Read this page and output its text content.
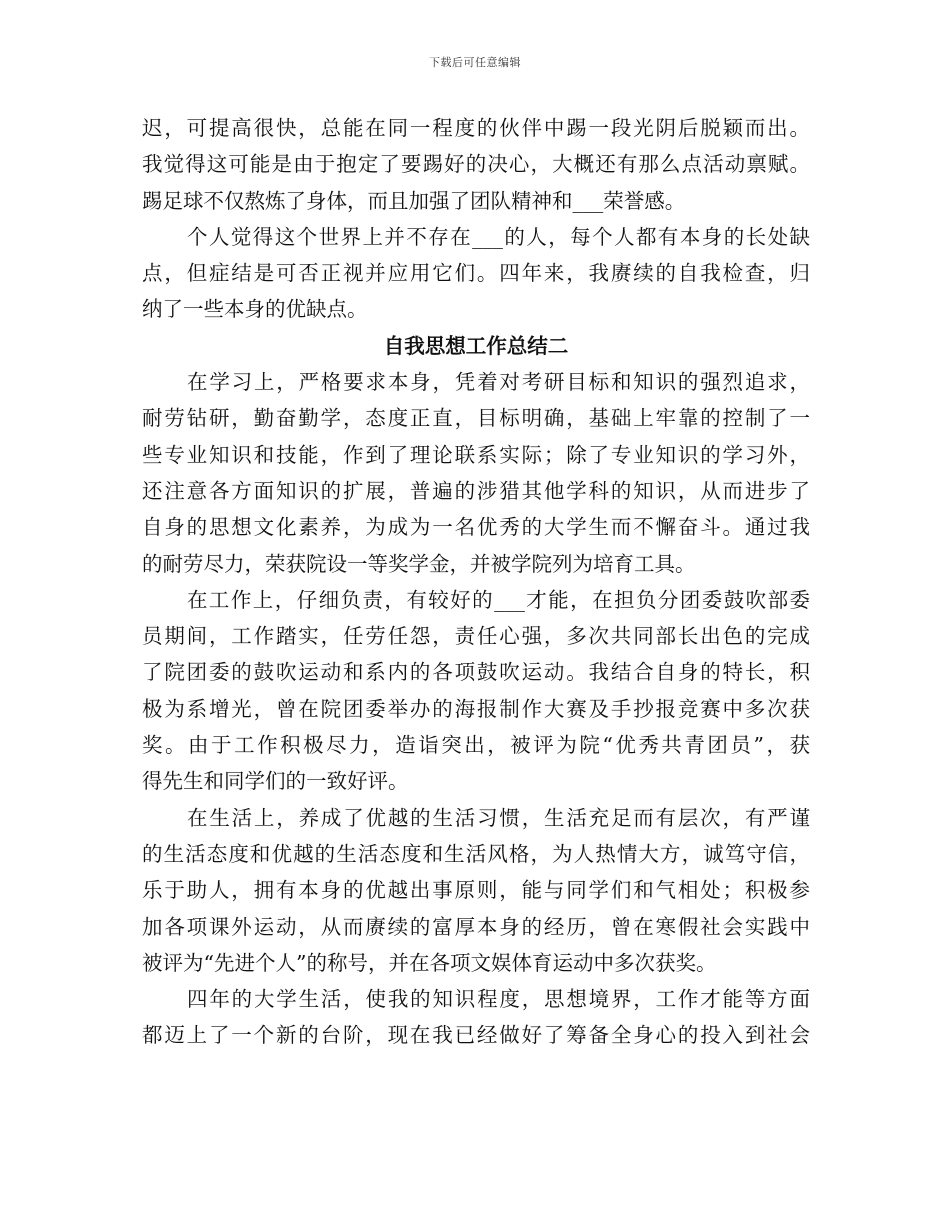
下载后可任意编辑
迟，可提高很快，总能在同一程度的伙伴中踢一段光阴后脱颖而出。
我觉得这可能是由于抱定了要踢好的决心，大概还有那么点活动禀赋。
踢足球不仅熬炼了身体，而且加强了团队精神和___荣誉感。
个人觉得这个世界上并不存在___的人，每个人都有本身的长处缺
点，但症结是可否正视并应用它们。四年来，我赓续的自我检查，归
纳了一些本身的优缺点。
自我思想工作总结二
在学习上，严格要求本身，凭着对考研目标和知识的强烈追求，
耐劳钻研，勤奋勤学，态度正直，目标明确，基础上牢靠的控制了一
些专业知识和技能，作到了理论联系实际；除了专业知识的学习外，
还注意各方面知识的扩展，普遍的涉猎其他学科的知识，从而进步了
自身的思想文化素养，为成为一名优秀的大学生而不懈奋斗。通过我
的耐劳尽力，荣获院设一等奖学金，并被学院列为培育工具。
在工作上，仔细负责，有较好的___才能，在担负分团委鼓吹部委
员期间，工作踏实，任劳任怨，责任心强，多次共同部长出色的完成
了院团委的鼓吹运动和系内的各项鼓吹运动。我结合自身的特长，积
极为系增光，曾在院团委举办的海报制作大赛及手抄报竞赛中多次获
奖。由于工作积极尽力，造诣突出，被评为院“优秀共青团员”，获
得先生和同学们的一致好评。
在生活上，养成了优越的生活习惯，生活充足而有层次，有严谨
的生活态度和优越的生活态度和生活风格，为人热情大方，诚笃守信，
乐于助人，拥有本身的优越出事原则，能与同学们和气相处；积极参
加各项课外运动，从而赓续的富厚本身的经历，曾在寒假社会实践中
被评为“先进个人”的称号，并在各项文娱体育运动中多次获奖。
四年的大学生活，使我的知识程度，思想境界，工作才能等方面
都迈上了一个新的台阶，现在我已经做好了筹备全身心的投入到社会
